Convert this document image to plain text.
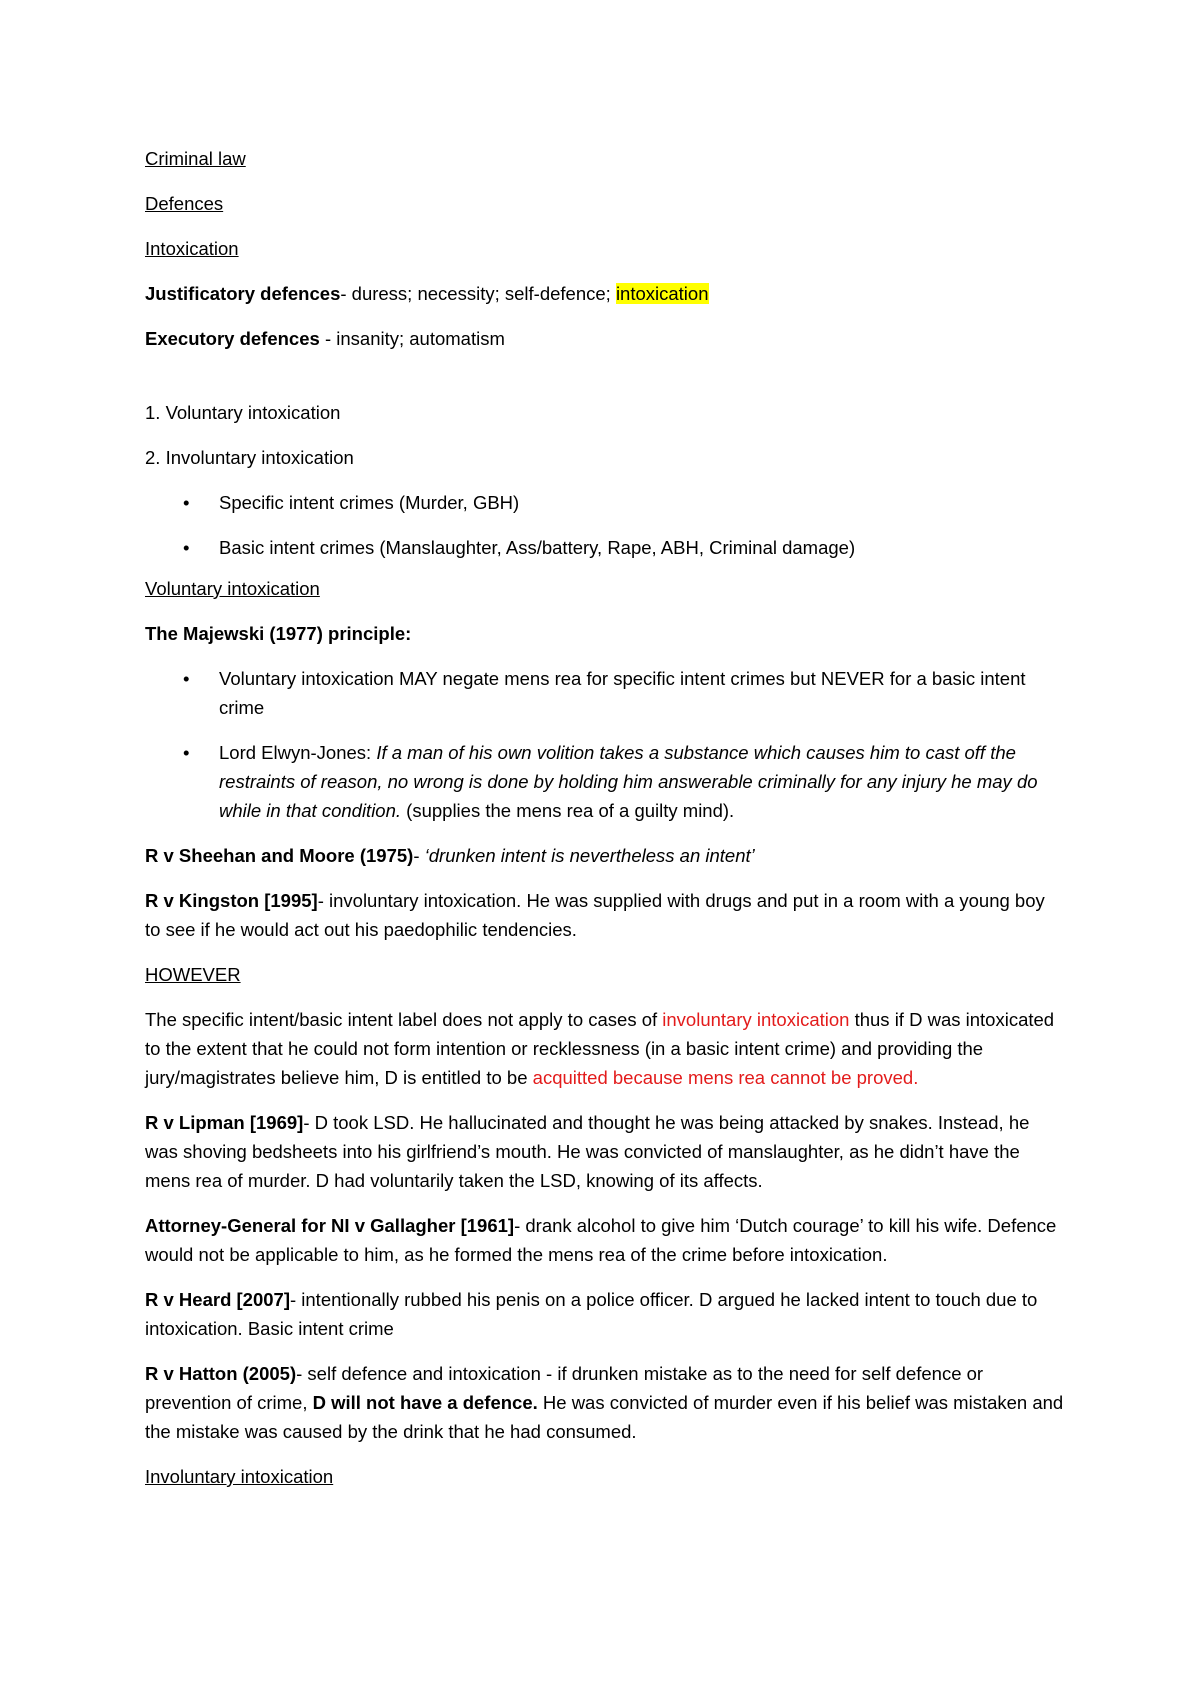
Criminal law

Defences

Intoxication

Justificatory defences- duress; necessity; self-defence; intoxication

Executory defences - insanity; automatism

1. Voluntary intoxication

2. Involuntary intoxication

• Specific intent crimes (Murder, GBH)

• Basic intent crimes (Manslaughter, Ass/battery, Rape, ABH, Criminal damage)

Voluntary intoxication

The Majewski (1977) principle:

• Voluntary intoxication MAY negate mens rea for specific intent crimes but NEVER for a basic intent crime

• Lord Elwyn-Jones: If a man of his own volition takes a substance which causes him to cast off the restraints of reason, no wrong is done by holding him answerable criminally for any injury he may do while in that condition. (supplies the mens rea of a guilty mind).

R v Sheehan and Moore (1975)- ‘drunken intent is nevertheless an intent’

R v Kingston [1995]- involuntary intoxication. He was supplied with drugs and put in a room with a young boy to see if he would act out his paedophilic tendencies.

HOWEVER

The specific intent/basic intent label does not apply to cases of involuntary intoxication thus if D was intoxicated to the extent that he could not form intention or recklessness (in a basic intent crime) and providing the jury/magistrates believe him, D is entitled to be acquitted because mens rea cannot be proved.

R v Lipman [1969]- D took LSD. He hallucinated and thought he was being attacked by snakes. Instead, he was shoving bedsheets into his girlfriend’s mouth. He was convicted of manslaughter, as he didn’t have the mens rea of murder. D had voluntarily taken the LSD, knowing of its affects.

Attorney-General for NI v Gallagher [1961]- drank alcohol to give him ‘Dutch courage’ to kill his wife. Defence would not be applicable to him, as he formed the mens rea of the crime before intoxication.

R v Heard [2007]- intentionally rubbed his penis on a police officer. D argued he lacked intent to touch due to intoxication. Basic intent crime

R v Hatton (2005)- self defence and intoxication - if drunken mistake as to the need for self defence or prevention of crime, D will not have a defence. He was convicted of murder even if his belief was mistaken and the mistake was caused by the drink that he had consumed.

Involuntary intoxication
